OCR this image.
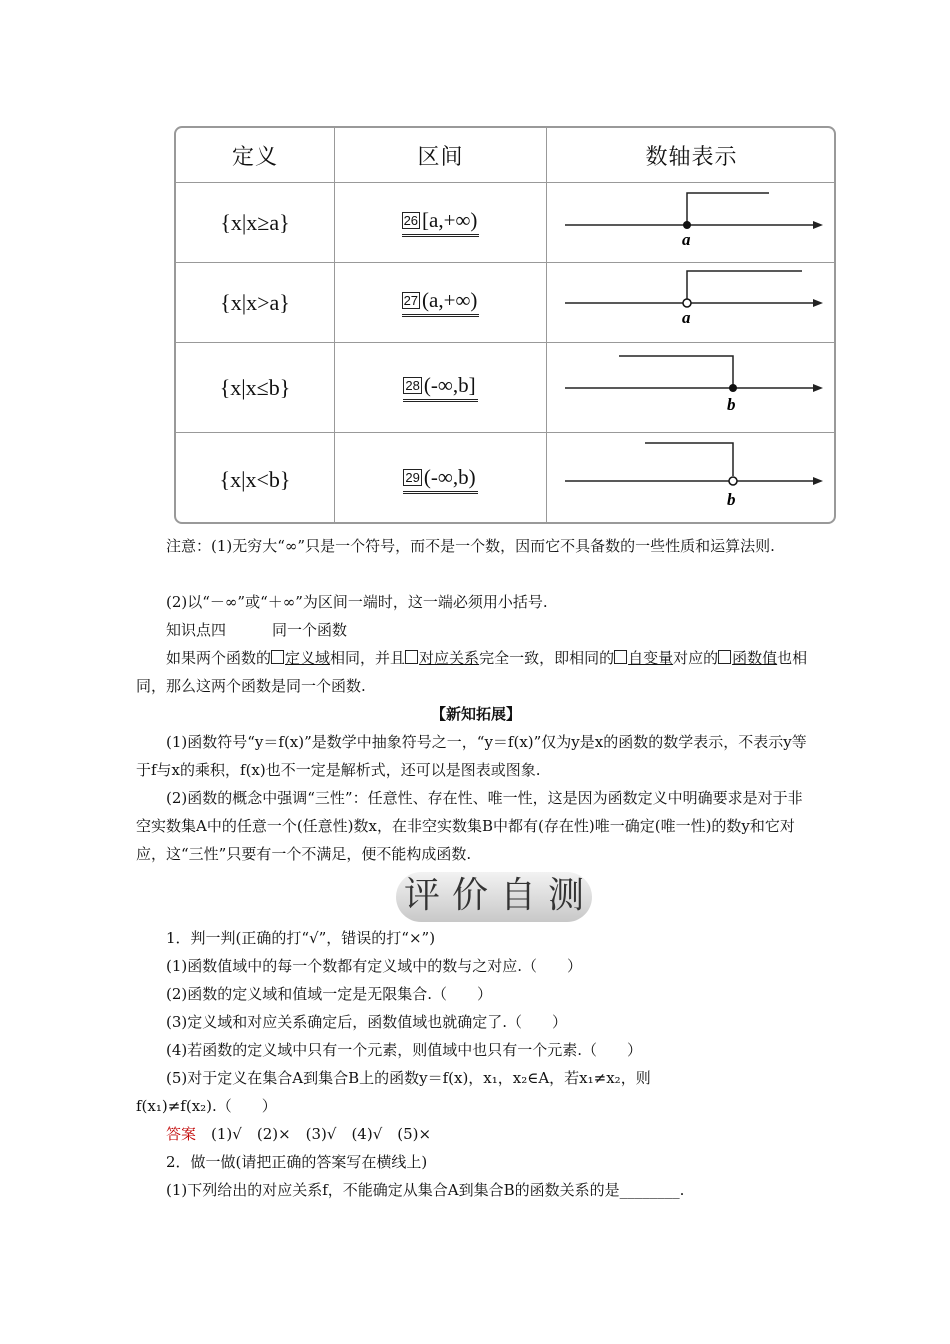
定义	区间	数轴表示
{x|x≥a}	26 [a,+∞)
a
{x|x>a}	27 (a,+∞)
a
{x|x≤b}	28 (-∞,b]
b
{x|x<b}	29 (-∞,b)
b
注意：(1)无穷大“∞”只是一个符号，而不是一个数，因而它不具备数的一些性质和运算法则.
(2)以“－∞”或“＋∞”为区间一端时，这一端必须用小括号.
知识点四	同一个函数
如果两个函数的 定义域相同，并且 对应关系完全一致，即相同的 自变量对应的 函数值也相同，那么这两个函数是同一个函数.
【新知拓展】
(1)函数符号“y＝f(x)”是数学中抽象符号之一，“y＝f(x)”仅为y是x的函数的数学表示，不表示y等于f与x的乘积，f(x)也不一定是解析式，还可以是图表或图象.
(2)函数的概念中强调“三性”：任意性、存在性、唯一性，这是因为函数定义中明确要求是对于非空实数集A中的任意一个(任意性)数x，在非空实数集B中都有(存在性)唯一确定(唯一性)的数y和它对应，这“三性”只要有一个不满足，便不能构成函数.
评 价 自 测
1．判一判(正确的打“√”，错误的打“×”)
(1)函数值域中的每一个数都有定义域中的数与之对应.（　　）
(2)函数的定义域和值域一定是无限集合.（　　）
(3)定义域和对应关系确定后，函数值域也就确定了.（　　）
(4)若函数的定义域中只有一个元素，则值域中也只有一个元素.（　　）
(5)对于定义在集合A到集合B上的函数y＝f(x)，x₁，x₂∈A，若x₁≠x₂，则
f(x₁)≠f(x₂).（　　）
答案　 (1)√　(2)×　(3)√　(4)√　(5)×
2．做一做(请把正确的答案写在横线上)
(1)下列给出的对应关系f，不能确定从集合A到集合B的函数关系的是________.
